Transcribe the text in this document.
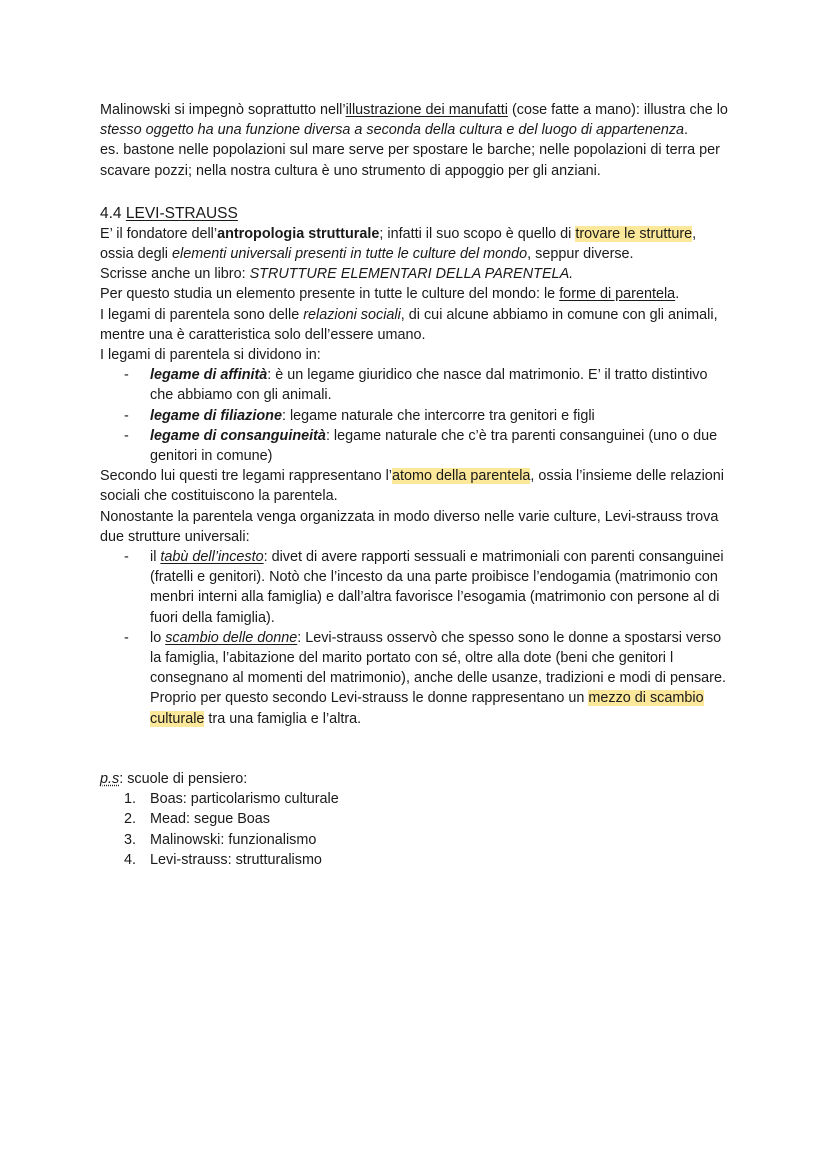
Malinowski si impegnò soprattutto nell’illustrazione dei manufatti (cose fatte a mano): illustra che lo stesso oggetto ha una funzione diversa a seconda della cultura e del luogo di appartenenza.

es. bastone nelle popolazioni sul mare serve per spostare le barche; nelle popolazioni di terra per scavare pozzi; nella nostra cultura è uno strumento di appoggio per gli anziani.

4.4 LEVI-STRAUSS

E’ il fondatore dell’antropologia strutturale; infatti il suo scopo è quello di trovare le strutture, ossia degli elementi universali presenti in tutte le culture del mondo, seppur diverse.

Scrisse anche un libro: STRUTTURE ELEMENTARI DELLA PARENTELA.

Per questo studia un elemento presente in tutte le culture del mondo: le forme di parentela.

I legami di parentela sono delle relazioni sociali, di cui alcune abbiamo in comune con gli animali, mentre una è caratteristica solo dell’essere umano.

I legami di parentela si dividono in:

- legame di affinità: è un legame giuridico che nasce dal matrimonio. E’ il tratto distintivo che abbiamo con gli animali.
- legame di filiazione: legame naturale che intercorre tra genitori e figli
- legame di consanguineità: legame naturale che c’è tra parenti consanguinei (uno o due genitori in comune)

Secondo lui questi tre legami rappresentano l’atomo della parentela, ossia l’insieme delle relazioni sociali che costituiscono la parentela.

Nonostante la parentela venga organizzata in modo diverso nelle varie culture, Levi-strauss trova due strutture universali:

- il tabù dell’incesto: divet di avere rapporti sessuali e matrimoniali con parenti consanguinei (fratelli e genitori). Notò che l’incesto da una parte proibisce l’endogamia (matrimonio con menbri interni alla famiglia) e dall’altra favorisce l’esogamia (matrimonio con persone al di fuori della famiglia).
- lo scambio delle donne: Levi-strauss osservò che spesso sono le donne a spostarsi verso la famiglia, l’abitazione del marito portato con sé, oltre alla dote (beni che genitori l consegnano al momenti del matrimonio), anche delle usanze, tradizioni e modi di pensare. Proprio per questo secondo Levi-strauss le donne rappresentano un mezzo di scambio culturale tra una famiglia e l’altra.

p.s: scuole di pensiero:

1. Boas: particolarismo culturale
2. Mead: segue Boas
3. Malinowski: funzionalismo
4. Levi-strauss: strutturalismo
